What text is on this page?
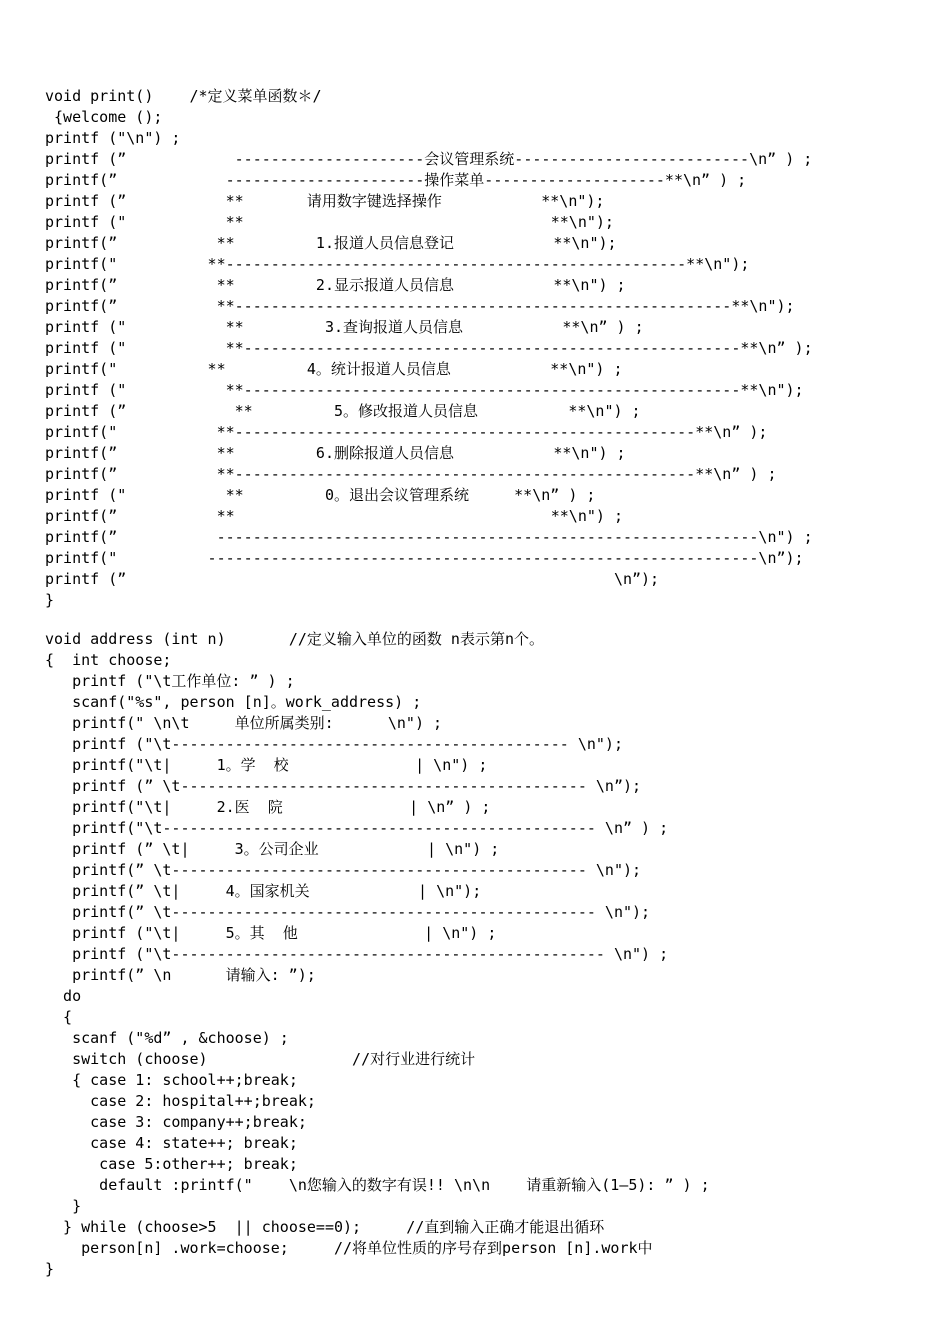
void print()    /*定义菜单函数＊/
{welcome ();
printf ("\n") ;
printf (”            ---------------------会议管理系统--------------------------\n” ) ;
printf(”            ----------------------操作菜单--------------------**\n” ) ;
printf (”           **       请用数字键选择操作           **\n");
printf ("           **                                  **\n");
printf(”           **         1.报道人员信息登记           **\n");
printf("          **---------------------------------------------------**\n");
printf(”           **         2.显示报道人员信息           **\n") ;
printf(”           **-------------------------------------------------------**\n");
printf ("           **         3.查询报道人员信息           **\n” ) ;
printf ("           **-------------------------------------------------------**\n” );
printf("          **         4。统计报道人员信息           **\n") ;
printf ("           **-------------------------------------------------------**\n");
printf (”            **         5。修改报道人员信息          **\n") ;
printf("           **---------------------------------------------------**\n” );
printf(”           **         6.删除报道人员信息           **\n") ;
printf(”           **---------------------------------------------------**\n” ) ;
printf ("           **         0。退出会议管理系统     **\n” ) ;
printf(”           **                                   **\n") ;
printf(”           ------------------------------------------------------------\n") ;
printf("          -------------------------------------------------------------\n”);
printf (”                                                      \n”);
}
void address (int n)       //定义输入单位的函数 n表示第n个。
{  int choose;
printf ("\t工作单位: ” ) ;
scanf("%s", person [n]。work_address) ;
printf(" \n\t     单位所属类别:      \n") ;
printf ("\t-------------------------------------------- \n");
printf("\t|     1。学  校              | \n") ;
printf (” \t--------------------------------------------- \n”);
printf("\t|     2.医  院              | \n” ) ;
printf("\t------------------------------------------------ \n” ) ;
printf (” \t|     3。公司企业            | \n") ;
printf(” \t---------------------------------------------- \n");
printf(” \t|     4。国家机关            | \n");
printf(” \t----------------------------------------------- \n");
printf ("\t|     5。其  他              | \n") ;
printf ("\t------------------------------------------------ \n") ;
printf(” \n      请输入: ”);
do
{
scanf ("%d” , &choose) ;
switch (choose)                //对行业进行统计
{ case 1: school++;break;
case 2: hospital++;break;
case 3: company++;break;
case 4: state++; break;
case 5:other++; break;
default :printf("    \n您输入的数字有误!! \n\n    请重新输入(1—5): ” ) ;
}
} while (choose>5  || choose==0);     //直到输入正确才能退出循环
person[n] .work=choose;     //将单位性质的序号存到person [n].work中
}
